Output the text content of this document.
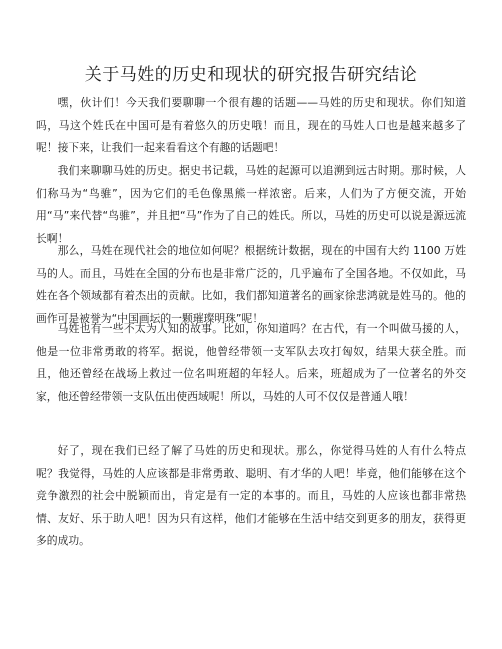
关于马姓的历史和现状的研究报告研究结论
嘿，伙计们！今天我们要聊聊一个很有趣的话题——马姓的历史和现状。你们知道吗，马这个姓氏在中国可是有着悠久的历史哦！而且，现在的马姓人口也是越来越多了呢！接下来，让我们一起来看看这个有趣的话题吧！
我们来聊聊马姓的历史。据史书记载，马姓的起源可以追溯到远古时期。那时候，人们称马为“鸟骓”，因为它们的毛色像黑熊一样浓密。后来，人们为了方便交流，开始用“马”来代替“鸟骓”，并且把“马”作为了自己的姓氏。所以，马姓的历史可以说是源远流长啊！
那么，马姓在现代社会的地位如何呢？根据统计数据，现在的中国有大约 1100 万姓马的人。而且，马姓在全国的分布也是非常广泛的，几乎遍布了全国各地。不仅如此，马姓在各个领域都有着杰出的贡献。比如，我们都知道著名的画家徐悲鸿就是姓马的。他的画作可是被誉为“中国画坛的一颗璀璨明珠”呢！
马姓也有一些不太为人知的故事。比如，你知道吗？在古代，有一个叫做马援的人，他是一位非常勇敢的将军。据说，他曾经带领一支军队去攻打匈奴，结果大获全胜。而且，他还曾经在战场上救过一位名叫班超的年轻人。后来，班超成为了一位著名的外交家，他还曾经带领一支队伍出使西域呢！所以，马姓的人可不仅仅是普通人哦！
好了，现在我们已经了解了马姓的历史和现状。那么，你觉得马姓的人有什么特点呢？我觉得，马姓的人应该都是非常勇敢、聪明、有才华的人吧！毕竟，他们能够在这个竞争激烈的社会中脱颖而出，肯定是有一定的本事的。而且，马姓的人应该也都非常热情、友好、乐于助人吧！因为只有这样，他们才能够在生活中结交到更多的朋友，获得更多的成功。
